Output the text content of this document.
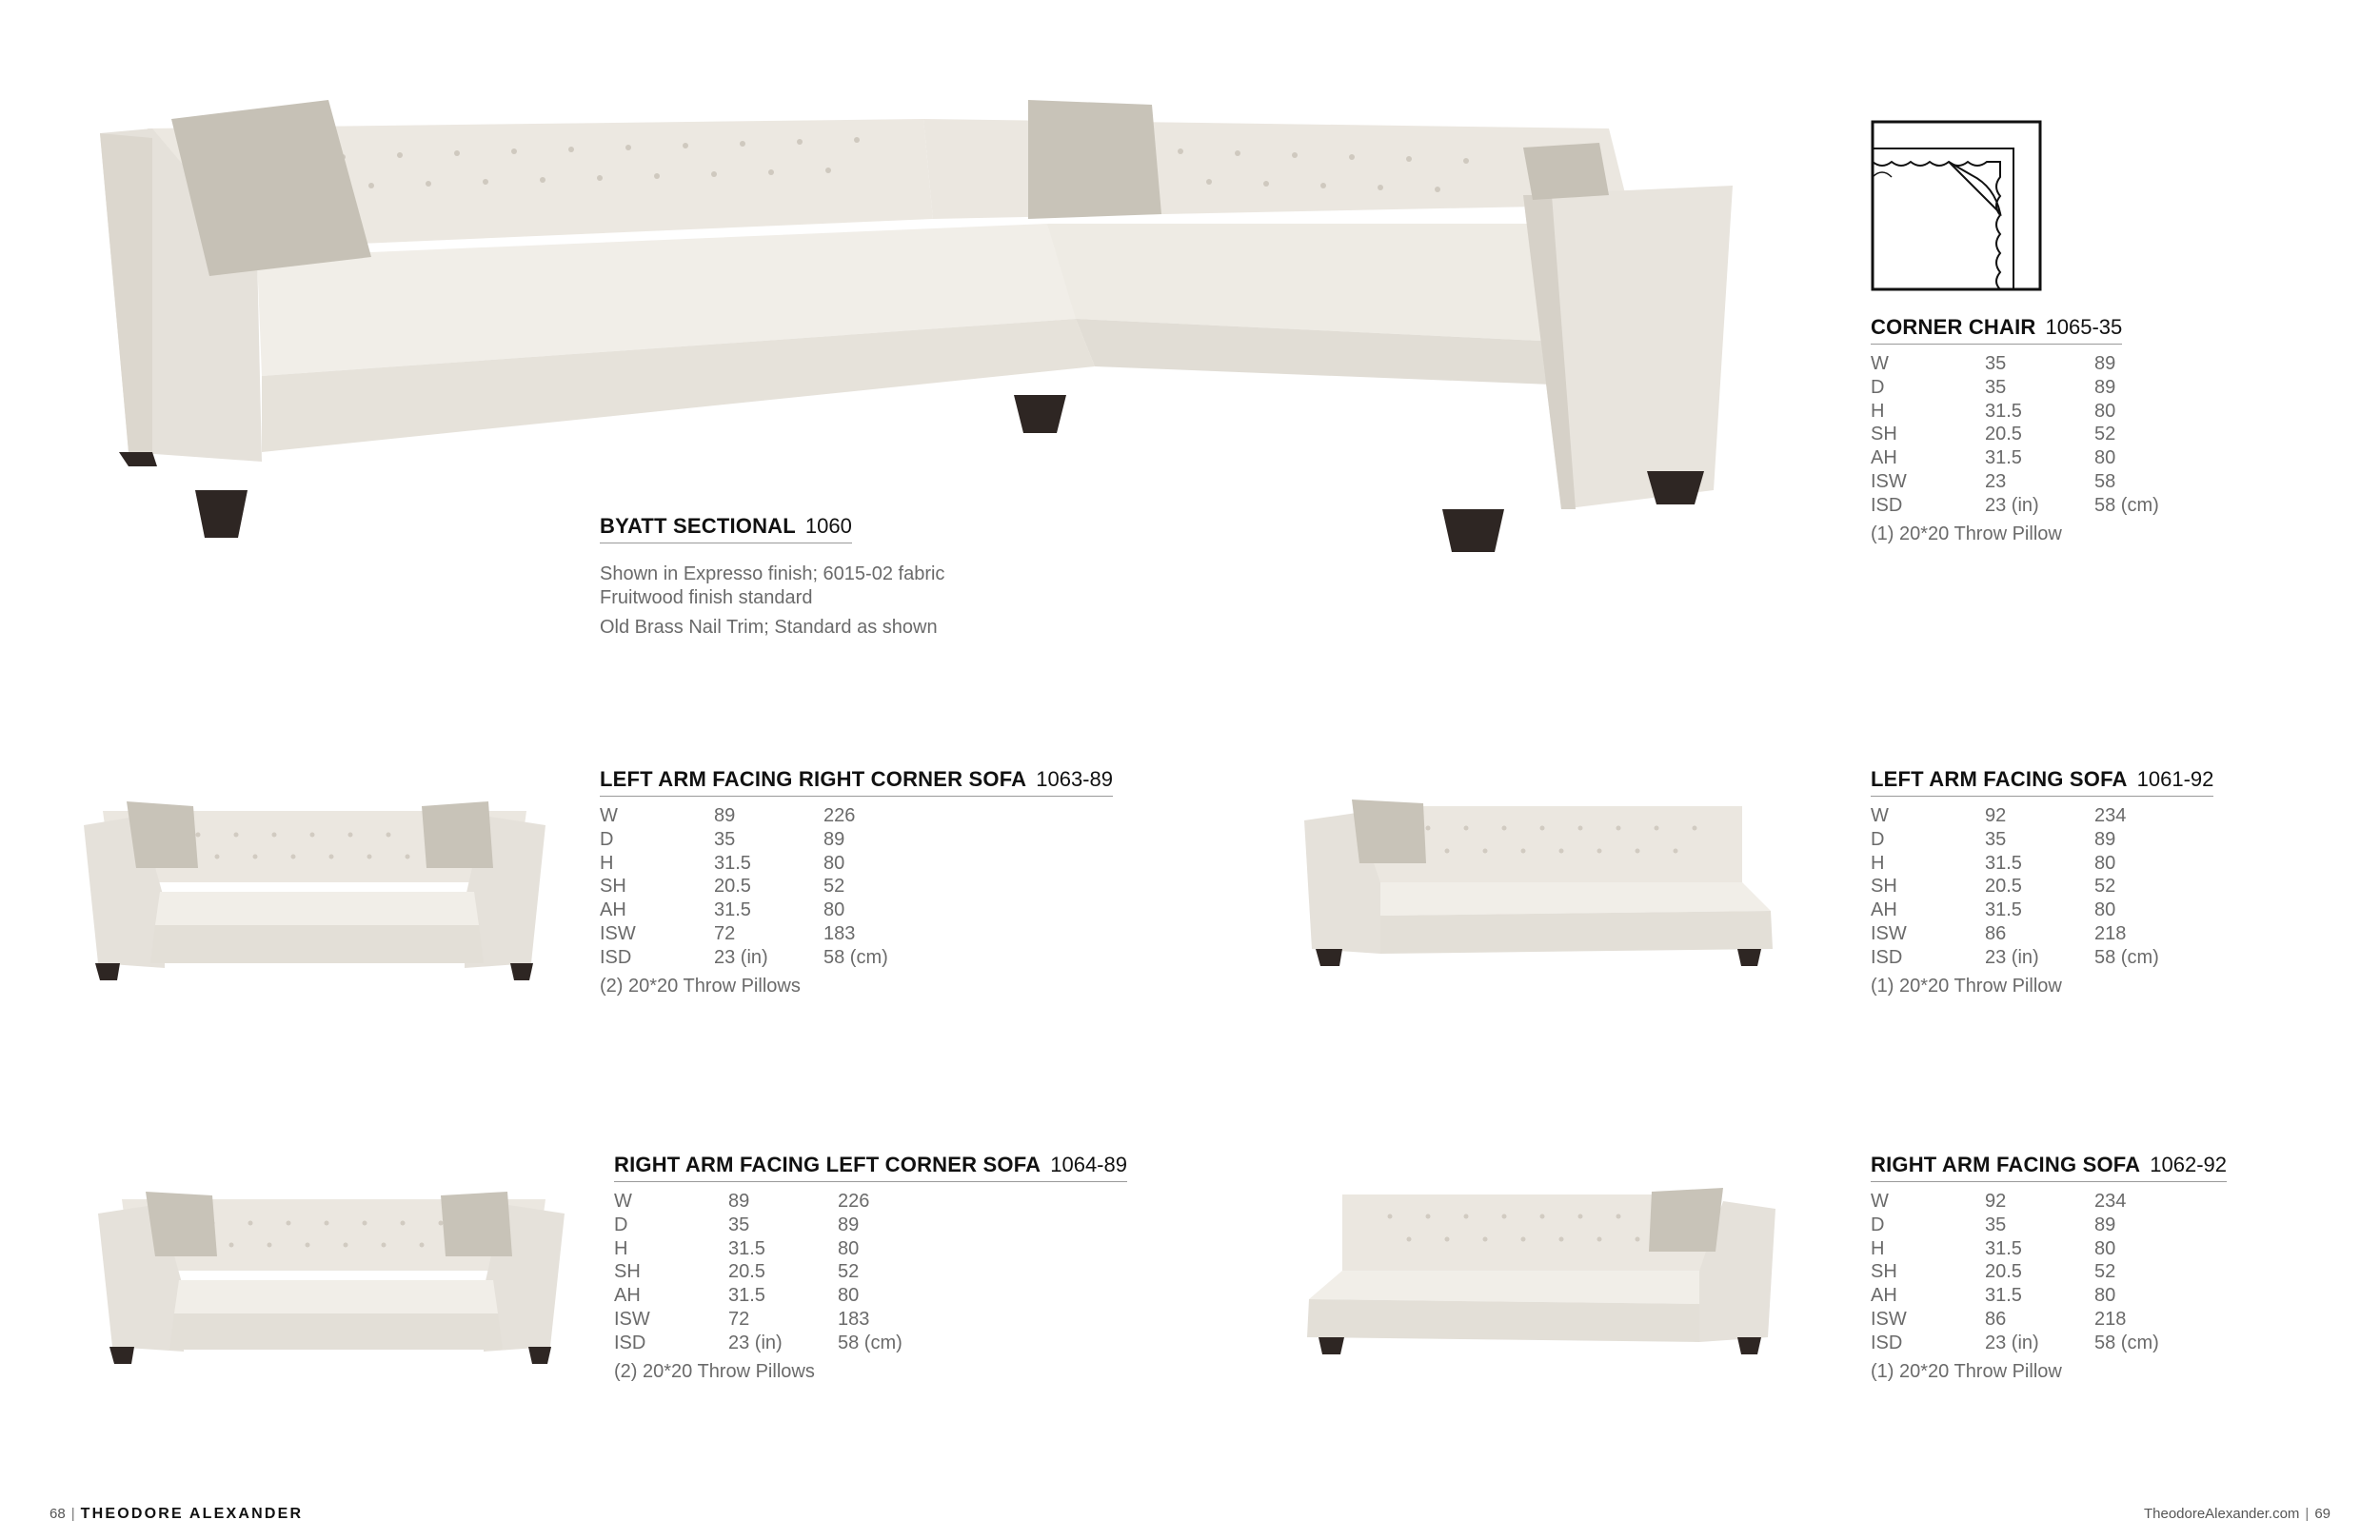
BYATT SECTIONAL 1060
Shown in Expresso finish; 6015-02 fabric
Fruitwood finish standard
Old Brass Nail Trim; Standard as shown
CORNER CHAIR 1065-35
W	35	89
D	35	89
H	31.5	80
SH	20.5	52
AH	31.5	80
ISW	23	58
ISD	23 (in)	58 (cm)
(1) 20*20 Throw Pillow
LEFT ARM FACING RIGHT CORNER SOFA 1063-89
W	89	226
D	35	89
H	31.5	80
SH	20.5	52
AH	31.5	80
ISW	72	183
ISD	23 (in)	58 (cm)
(2) 20*20 Throw Pillows
LEFT ARM FACING SOFA 1061-92
W	92	234
D	35	89
H	31.5	80
SH	20.5	52
AH	31.5	80
ISW	86	218
ISD	23 (in)	58 (cm)
(1) 20*20 Throw Pillow
RIGHT ARM FACING LEFT CORNER SOFA 1064-89
W	89	226
D	35	89
H	31.5	80
SH	20.5	52
AH	31.5	80
ISW	72	183
ISD	23 (in)	58 (cm)
(2) 20*20 Throw Pillows
RIGHT ARM FACING SOFA 1062-92
W	92	234
D	35	89
H	31.5	80
SH	20.5	52
AH	31.5	80
ISW	86	218
ISD	23 (in)	58 (cm)
(1) 20*20 Throw Pillow
68 | THEODORE ALEXANDER	TheodoreAlexander.com | 69
